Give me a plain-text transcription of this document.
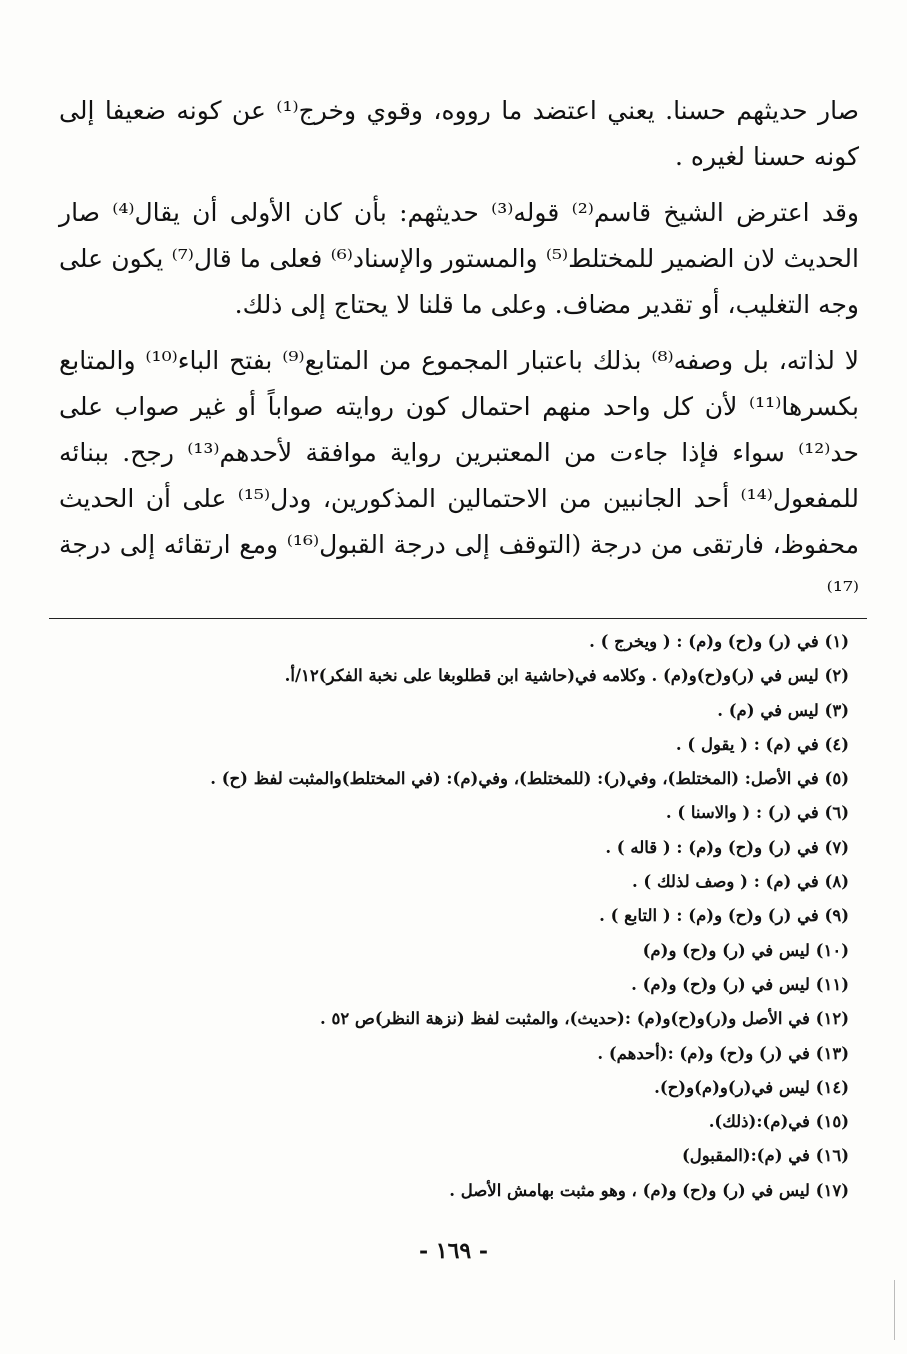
صار حديثهم حسنا. يعني اعتضد ما رووه، وقوي وخرج⁽¹⁾ عن كونه ضعيفا إلى كونه حسنا لغيره .

وقد اعترض الشيخ قاسم⁽²⁾ قوله⁽³⁾ حديثهم: بأن كان الأولى أن يقال⁽⁴⁾ صار الحديث لان الضمير للمختلط⁽⁵⁾ والمستور والإسناد⁽⁶⁾ فعلى ما قال⁽⁷⁾ يكون على وجه التغليب، أو تقدير مضاف. وعلى ما قلنا لا يحتاج إلى ذلك.

لا لذاته، بل وصفه⁽⁸⁾ بذلك باعتبار المجموع من المتابع⁽⁹⁾ بفتح الباء⁽¹⁰⁾ والمتابع بكسرها⁽¹¹⁾ لأن كل واحد منهم احتمال كون روايته صواباً أو غير صواب على حد⁽¹²⁾ سواء فإذا جاءت من المعتبرين رواية موافقة لأحدهم⁽¹³⁾ رجح. ببنائه للمفعول⁽¹⁴⁾ أحد الجانبين من الاحتمالين المذكورين، ودل⁽¹⁵⁾ على أن الحديث محفوظ، فارتقى من درجة (التوقف إلى درجة القبول⁽¹⁶⁾ ومع ارتقائه إلى درجة ⁽¹⁷⁾

(١) في (ر) و(ح) و(م) : ( ويخرج ) .
(٢) ليس في (ر)و(ح)و(م) . وكلامه في(حاشية ابن قطلوبغا على نخبة الفكر)١٢/أ.
(٣) ليس في (م) .
(٤) في (م) : ( يقول ) .
(٥) في الأصل: (المختلط)، وفي(ر): (للمختلط)، وفي(م): (في المختلط)والمثبت لفظ (ح) .
(٦) في (ر) : ( والاسنا ) .
(٧) في (ر) و(ح) و(م) : ( قاله ) .
(٨) في (م) : ( وصف لذلك ) .
(٩) في (ر) و(ح) و(م) : ( التابع ) .
(١٠) ليس في (ر) و(ح) و(م)
(١١) ليس في (ر) و(ح) و(م) .
(١٢) في الأصل و(ر)و(ح)و(م) :(حديث)، والمثبت لفظ (نزهة النظر)ص ٥٢ .
(١٣) في (ر) و(ح) و(م) :(أحدهم) .
(١٤) ليس في(ر)و(م)و(ح).
(١٥) في(م):(ذلك).
(١٦) في (م):(المقبول)
(١٧) ليس في (ر) و(ح) و(م) ، وهو مثبت بهامش الأصل .
- ١٦٩ -
